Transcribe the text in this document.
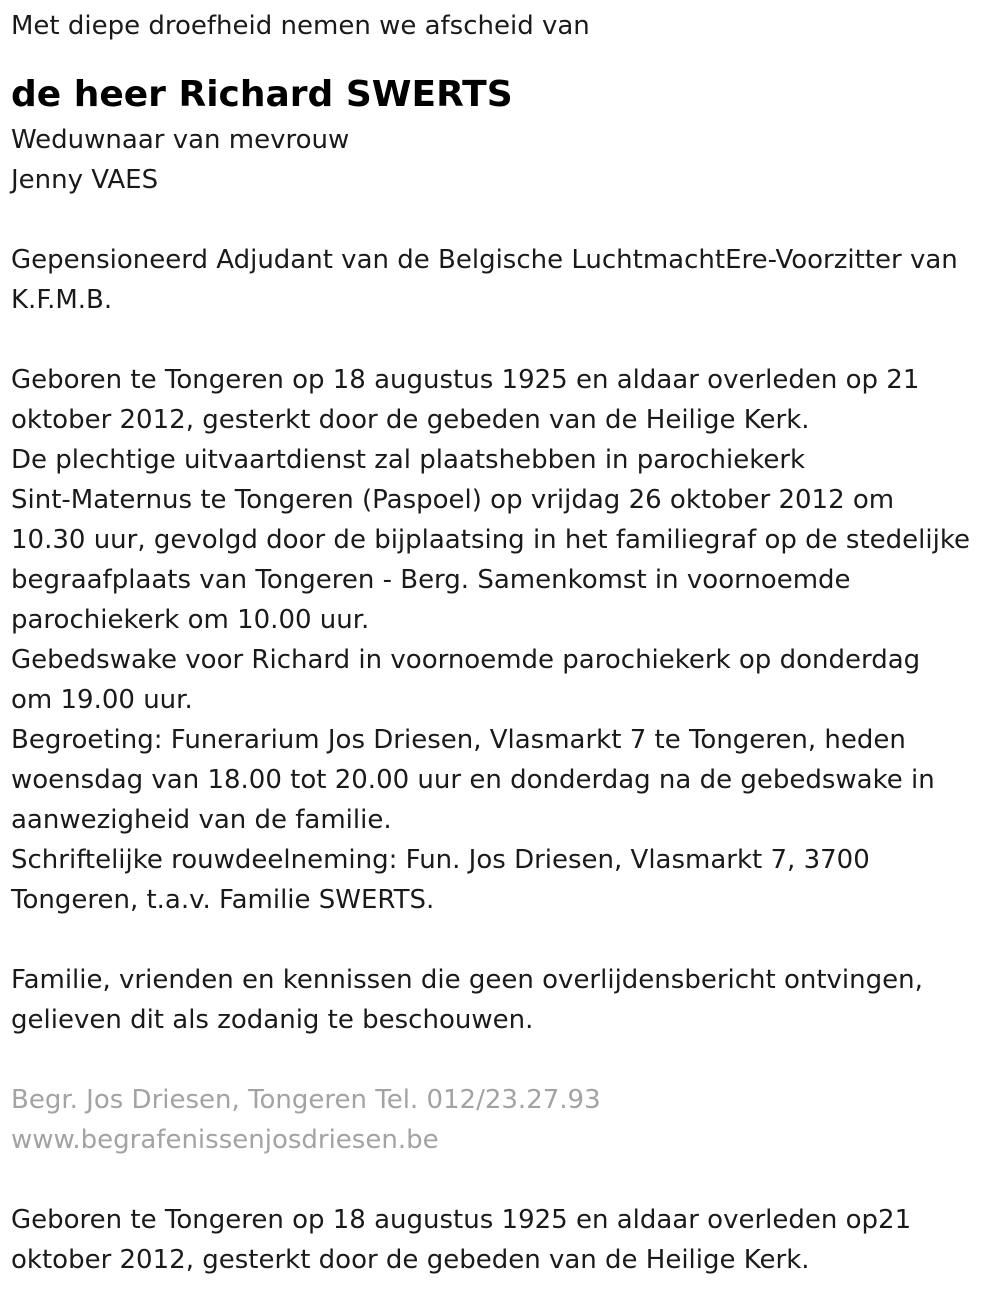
Met diepe droefheid nemen we afscheid van
de heer Richard SWERTS
Weduwnaar van mevrouw
Jenny VAES
Gepensioneerd Adjudant van de Belgische LuchtmachtEre-Voorzitter van
K.F.M.B.
Geboren te Tongeren op 18 augustus 1925 en aldaar overleden op 21
oktober 2012, gesterkt door de gebeden van de Heilige Kerk.
De plechtige uitvaartdienst zal plaatshebben in parochiekerk
Sint-Maternus te Tongeren (Paspoel) op vrijdag 26 oktober 2012 om
10.30 uur, gevolgd door de bijplaatsing in het familiegraf op de stedelijke
begraafplaats van Tongeren - Berg. Samenkomst in voornoemde
parochiekerk om 10.00 uur.
Gebedswake voor Richard in voornoemde parochiekerk op donderdag
om 19.00 uur.
Begroeting: Funerarium Jos Driesen, Vlasmarkt 7 te Tongeren, heden
woensdag van 18.00 tot 20.00 uur en donderdag na de gebedswake in
aanwezigheid van de familie.
Schriftelijke rouwdeelneming: Fun. Jos Driesen, Vlasmarkt 7, 3700
Tongeren, t.a.v. Familie SWERTS.
Familie, vrienden en kennissen die geen overlijdensbericht ontvingen,
gelieven dit als zodanig te beschouwen.
Begr. Jos Driesen, Tongeren Tel. 012/23.27.93
www.begrafenissenjosdriesen.be
Geboren te Tongeren op 18 augustus 1925 en aldaar overleden op21
oktober 2012, gesterkt door de gebeden van de Heilige Kerk.
